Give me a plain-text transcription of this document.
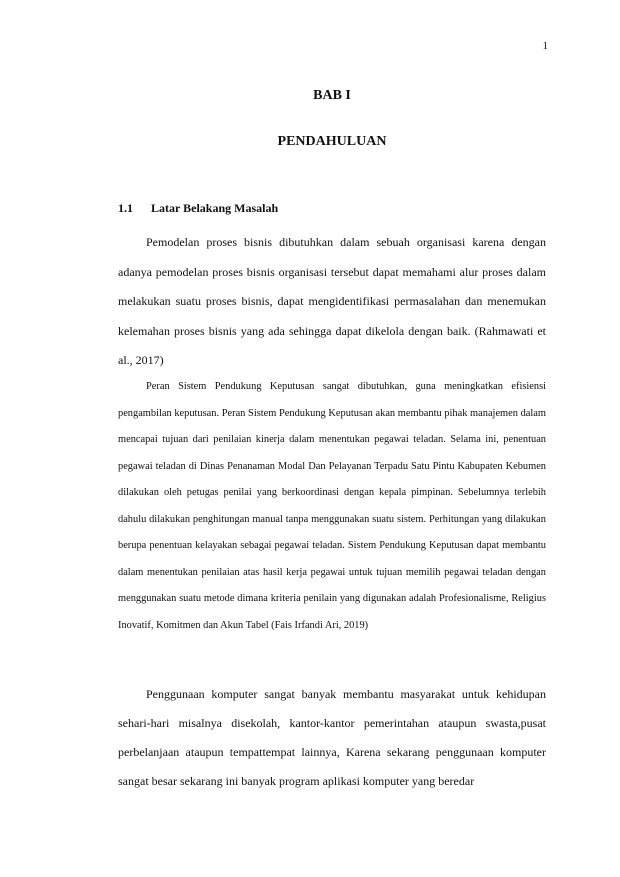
1
BAB I
PENDAHULUAN
1.1 Latar Belakang Masalah

Pemodelan proses bisnis dibutuhkan dalam sebuah organisasi karena dengan adanya pemodelan proses bisnis organisasi tersebut dapat memahami alur proses dalam melakukan suatu proses bisnis, dapat mengidentifikasi permasalahan dan menemukan kelemahan proses bisnis yang ada sehingga dapat dikelola dengan baik. (Rahmawati et al., 2017)

Peran Sistem Pendukung Keputusan sangat dibutuhkan, guna meningkatkan efisiensi pengambilan keputusan. Peran Sistem Pendukung Keputusan akan membantu pihak manajemen dalam mencapai tujuan dari penilaian kinerja dalam menentukan pegawai teladan. Selama ini, penentuan pegawai teladan di Dinas Penanaman Modal Dan Pelayanan Terpadu Satu Pintu Kabupaten Kebumen dilakukan oleh petugas penilai yang berkoordinasi dengan kepala pimpinan. Sebelumnya terlebih dahulu dilakukan penghitungan manual tanpa menggunakan suatu sistem. Perhitungan yang dilakukan berupa penentuan kelayakan sebagai pegawai teladan. Sistem Pendukung Keputusan dapat membantu dalam menentukan penilaian atas hasil kerja pegawai untuk tujuan memilih pegawai teladan dengan menggunakan suatu metode dimana kriteria penilain yang digunakan adalah Profesionalisme, Religius Inovatif, Komitmen dan Akun Tabel (Fais Irfandi Ari, 2019)

Penggunaan komputer sangat banyak membantu masyarakat untuk kehidupan sehari-hari misalnya disekolah, kantor-kantor pemerintahan ataupun swasta,pusat perbelanjaan ataupun tempattempat lainnya, Karena sekarang penggunaan komputer sangat besar sekarang ini banyak program aplikasi komputer yang beredar
